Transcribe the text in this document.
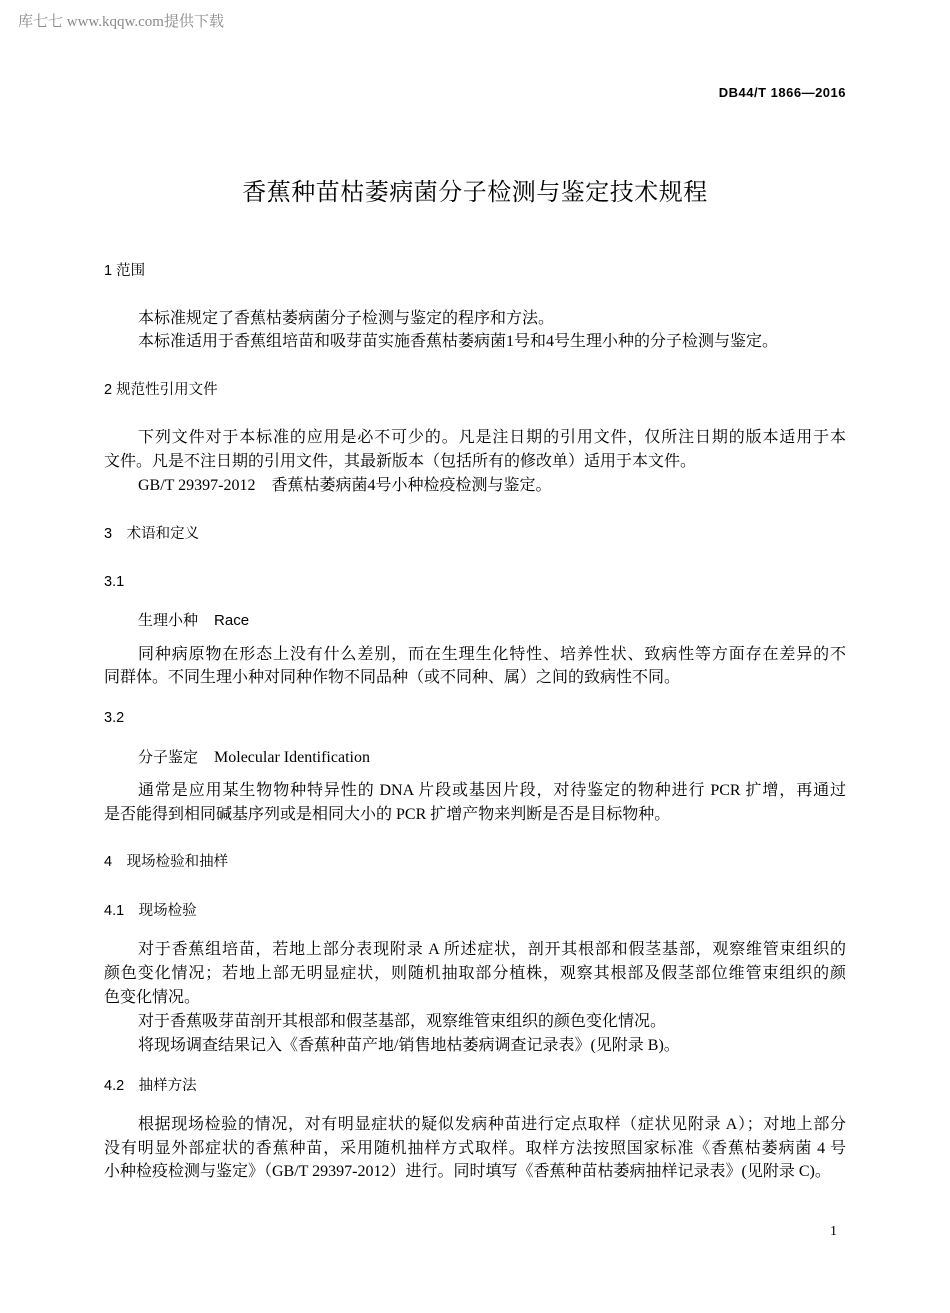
库七七 www.kqqw.com提供下载
DB44/T 1866—2016
香蕉种苗枯萎病菌分子检测与鉴定技术规程
1 范围
本标准规定了香蕉枯萎病菌分子检测与鉴定的程序和方法。
本标准适用于香蕉组培苗和吸芽苗实施香蕉枯萎病菌1号和4号生理小种的分子检测与鉴定。
2 规范性引用文件
下列文件对于本标准的应用是必不可少的。凡是注日期的引用文件，仅所注日期的版本适用于本
文件。凡是不注日期的引用文件，其最新版本（包括所有的修改单）适用于本文件。
GB/T 29397-2012　香蕉枯萎病菌4号小种检疫检测与鉴定。
3　术语和定义
3.1
生理小种 Race
同种病原物在形态上没有什么差别，而在生理生化特性、培养性状、致病性等方面存在差异的不
同群体。不同生理小种对同种作物不同品种（或不同种、属）之间的致病性不同。
3.2
分子鉴定 Molecular Identification
通常是应用某生物物种特异性的 DNA 片段或基因片段，对待鉴定的物种进行 PCR 扩增，再通过
是否能得到相同碱基序列或是相同大小的 PCR 扩增产物来判断是否是目标物种。
4　现场检验和抽样
4.1　现场检验
对于香蕉组培苗，若地上部分表现附录 A 所述症状，剖开其根部和假茎基部，观察维管束组织的
颜色变化情况；若地上部无明显症状，则随机抽取部分植株，观察其根部及假茎部位维管束组织的颜
色变化情况。
对于香蕉吸芽苗剖开其根部和假茎基部，观察维管束组织的颜色变化情况。
将现场调查结果记入《香蕉种苗产地/销售地枯萎病调查记录表》(见附录 B)。
4.2　抽样方法
根据现场检验的情况，对有明显症状的疑似发病种苗进行定点取样（症状见附录 A）；对地上部分
没有明显外部症状的香蕉种苗，采用随机抽样方式取样。取样方法按照国家标准《香蕉枯萎病菌 4 号
小种检疫检测与鉴定》（GB/T 29397-2012）进行。同时填写《香蕉种苗枯萎病抽样记录表》(见附录 C)。
1
